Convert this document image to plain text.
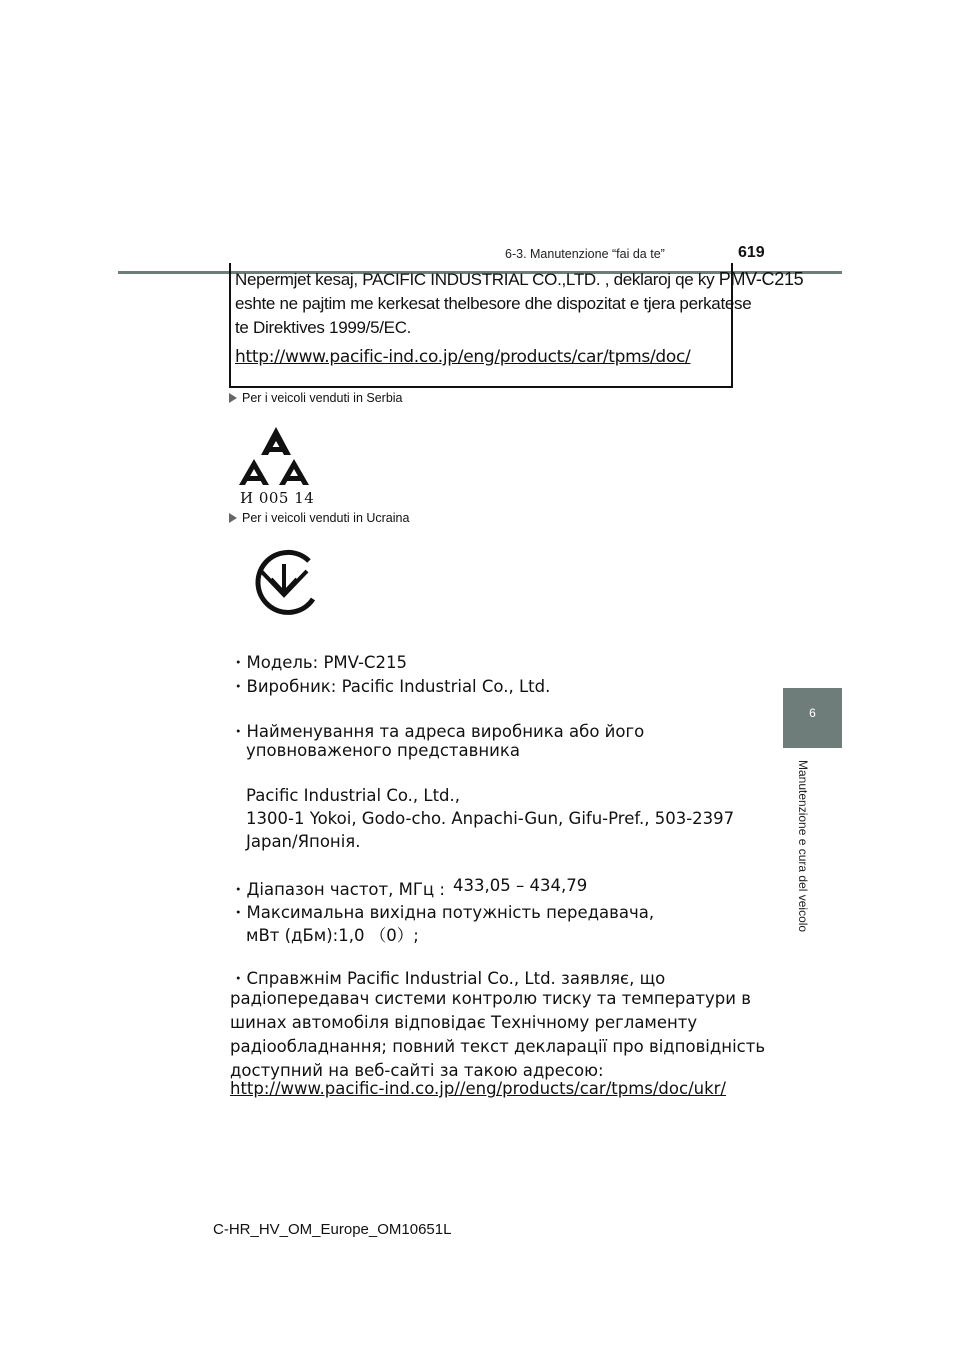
6-3. Manutenzione “fai da te”	619
6
Manutenzione e cura del veicolo
Nepermjet kesaj, PACIFIC INDUSTRIAL CO.,LTD. , deklaroj qe ky PMV-C215
eshte ne pajtim me kerkesat thelbesore dhe dispozitat e tjera perkatese
te Direktives 1999/5/EC.
http://www.pacific-ind.co.jp/eng/products/car/tpms/doc/
Per i veicoli venduti in Serbia
И 005 14
Per i veicoli venduti in Ucraina
・Модель: PMV-C215
・Виробник: Pacific Industrial Co., Ltd.
・Найменування та адреса виробника або його
уповноваженого представника
Pacific Industrial Co., Ltd.,
1300-1 Yokoi, Godo-cho. Anpachi-Gun, Gifu-Pref., 503-2397
Japan/Японія.
・Діапазон частот, МГц : 433,05 – 434,79
・Максимальна вихідна потужність передавача,
мВт (дБм):1,0 （0）;
・Справжнім Pacific Industrial Co., Ltd. заявляє, що
радіопередавач системи контролю тиску та температури в
шинах автомобіля відповідає Технічному регламенту
радіообладнання; повний текст декларації про відповідність
доступний на веб-сайті за такою адресою:
http://www.pacific-ind.co.jp//eng/products/car/tpms/doc/ukr/
C-HR_HV_OM_Europe_OM10651L
